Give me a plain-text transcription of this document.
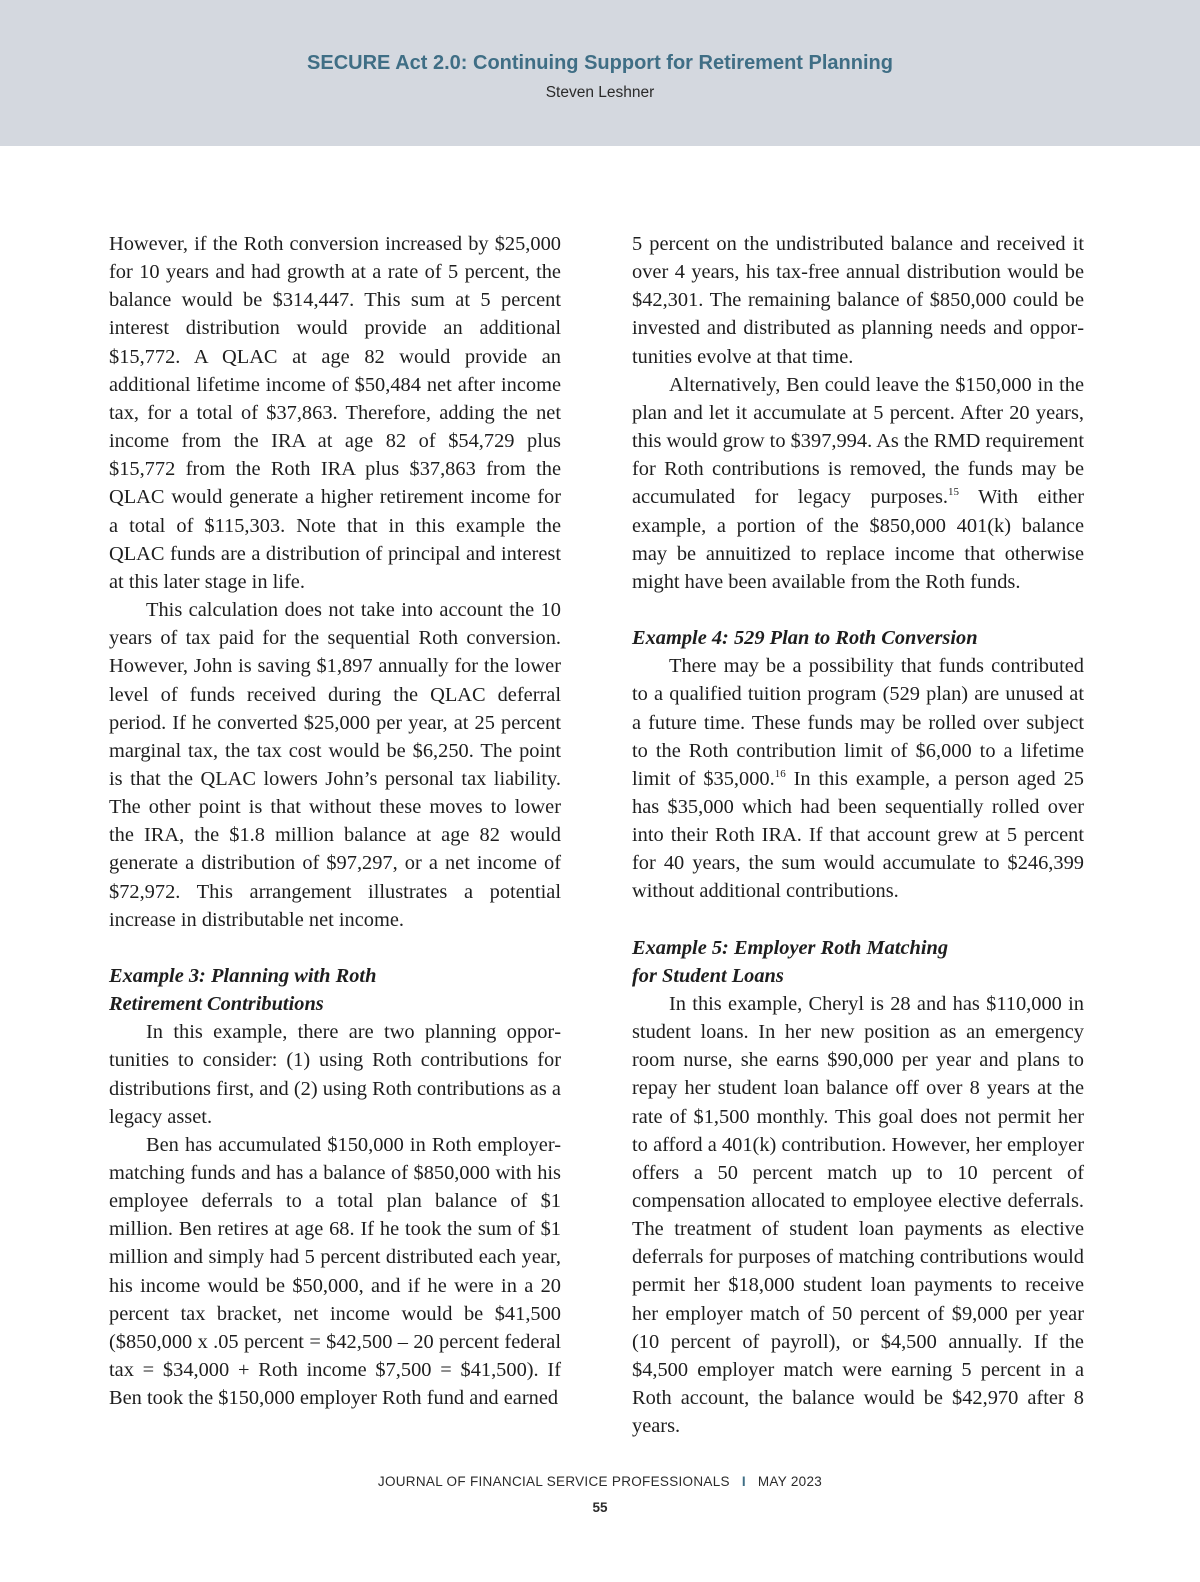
SECURE Act 2.0: Continuing Support for Retirement Planning
Steven Leshner

However, if the Roth conversion increased by $25,000 for 10 years and had growth at a rate of 5 percent, the balance would be $314,447. This sum at 5 percent interest distribution would provide an additional $15,772. A QLAC at age 82 would provide an additional lifetime income of $50,484 net after income tax, for a total of $37,863. Therefore, adding the net income from the IRA at age 82 of $54,729 plus $15,772 from the Roth IRA plus $37,863 from the QLAC would generate a higher retirement income for a total of $115,303. Note that in this example the QLAC funds are a distribution of principal and interest at this later stage in life.

This calculation does not take into account the 10 years of tax paid for the sequential Roth conversion. However, John is saving $1,897 annually for the lower level of funds received during the QLAC deferral period. If he converted $25,000 per year, at 25 percent marginal tax, the tax cost would be $6,250. The point is that the QLAC lowers John’s personal tax liability. The other point is that without these moves to lower the IRA, the $1.8 million balance at age 82 would generate a distribution of $97,297, or a net income of $72,972. This arrangement illustrates a potential increase in distributable net income.

Example 3: Planning with Roth
Retirement Contributions

In this example, there are two planning opportunities to consider: (1) using Roth contributions for distributions first, and (2) using Roth contributions as a legacy asset.

Ben has accumulated $150,000 in Roth employer-matching funds and has a balance of $850,000 with his employee deferrals to a total plan balance of $1 million. Ben retires at age 68. If he took the sum of $1 million and simply had 5 percent distributed each year, his income would be $50,000, and if he were in a 20 percent tax bracket, net income would be $41,500 ($850,000 x .05 percent = $42,500 – 20 percent federal tax = $34,000 + Roth income $7,500 = $41,500). If Ben took the $150,000 employer Roth fund and earned

5 percent on the undistributed balance and received it over 4 years, his tax-free annual distribution would be $42,301. The remaining balance of $850,000 could be invested and distributed as planning needs and opportunities evolve at that time.

Alternatively, Ben could leave the $150,000 in the plan and let it accumulate at 5 percent. After 20 years, this would grow to $397,994. As the RMD requirement for Roth contributions is removed, the funds may be accumulated for legacy purposes.$^{15}$ With either example, a portion of the $850,000 401(k) balance may be annuitized to replace income that otherwise might have been available from the Roth funds.

Example 4: 529 Plan to Roth Conversion

There may be a possibility that funds contributed to a qualified tuition program (529 plan) are unused at a future time. These funds may be rolled over subject to the Roth contribution limit of $6,000 to a lifetime limit of $35,000.16 In this example, a person aged 25 has $35,000 which had been sequentially rolled over into their Roth IRA. If that account grew at 5 percent for 40 years, the sum would accumulate to $246,399 without additional contributions.

Example 5: Employer Roth Matching
for Student Loans

In this example, Cheryl is 28 and has $110,000 in student loans. In her new position as an emergency room nurse, she earns $90,000 per year and plans to repay her student loan balance off over 8 years at the rate of $1,500 monthly. This goal does not permit her to afford a 401(k) contribution. However, her employer offers a 50 percent match up to 10 percent of compensation allocated to employee elective deferrals. The treatment of student loan payments as elective deferrals for purposes of matching contributions would permit her $18,000 student loan payments to receive her employer match of 50 percent of $9,000 per year (10 percent of payroll), or $4,500 annually. If the $4,500 employer match were earning 5 percent in a Roth account, the balance would be $42,970 after 8 years.

JOURNAL OF FINANCIAL SERVICE PROFESSIONALS I MAY 2023
55
